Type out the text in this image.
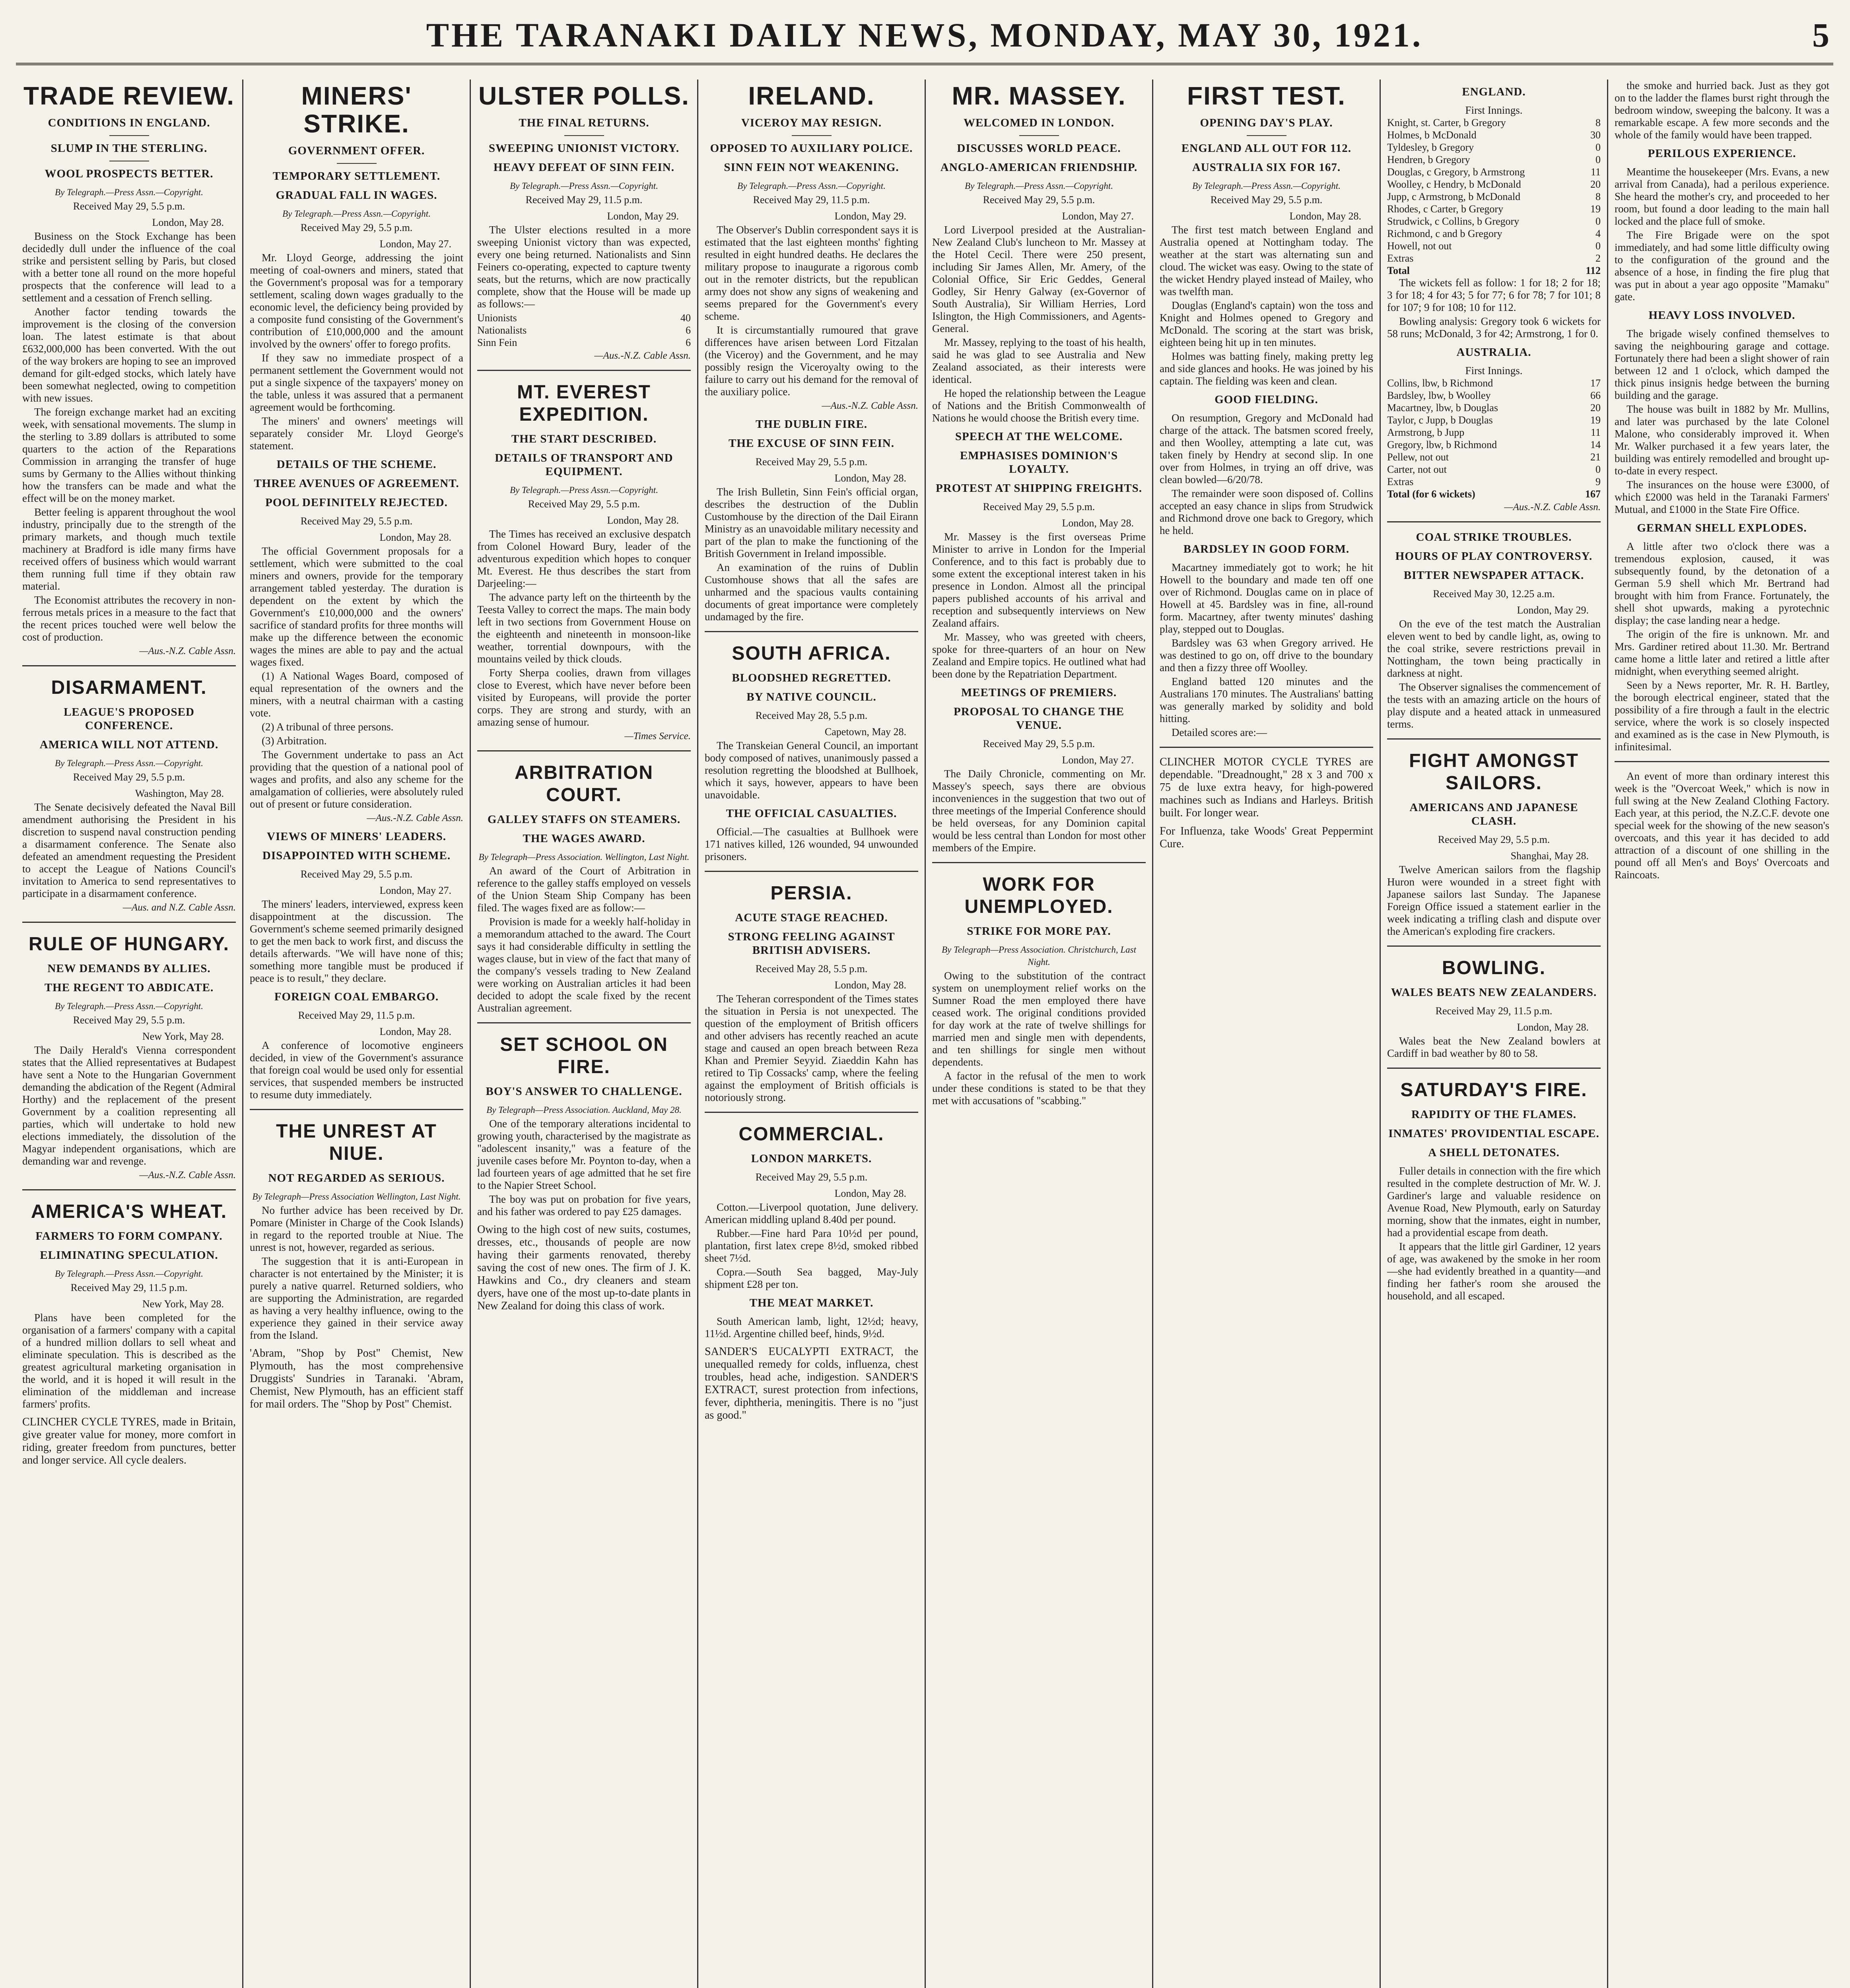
THE TARANAKI DAILY NEWS, MONDAY, MAY 30, 1921.	5
TRADE REVIEW.
CONDITIONS IN ENGLAND.
SLUMP IN THE STERLING.
WOOL PROSPECTS BETTER.
By Telegraph.—Press Assn.—Copyright.
Received May 29, 5.5 p.m.
London, May 28.

Business on the Stock Exchange has been decidedly dull under the influence of the coal strike and persistent selling by Paris, but closed with a better tone all round on the more hopeful prospects that the conference will lead to a settlement and a cessation of French selling.

Another factor tending towards the improvement is the closing of the conversion loan. The latest estimate is that about £632,000,000 has been converted. With the out of the way brokers are hoping to see an improved demand for gilt-edged stocks, which lately have been somewhat neglected, owing to competition with new issues.

The foreign exchange market had an exciting week, with sensational movements. The slump in the sterling to 3.89 dollars is attributed to some quarters to the action of the Reparations Commission in arranging the transfer of huge sums by Germany to the Allies without thinking how the transfers can be made and what the effect will be on the money market.

Better feeling is apparent throughout the wool industry, principally due to the strength of the primary markets, and though much textile machinery at Bradford is idle many firms have received offers of business which would warrant them running full time if they obtain raw material.

The Economist attributes the recovery in non-ferrous metals prices in a measure to the fact that the recent prices touched were well below the cost of production.

—Aus.-N.Z. Cable Assn.
DISARMAMENT.
LEAGUE'S PROPOSED CONFERENCE.
AMERICA WILL NOT ATTEND.
By Telegraph.—Press Assn.—Copyright.
Received May 29, 5.5 p.m.
Washington, May 28.

The Senate decisively defeated the Naval Bill amendment authorising the President in his discretion to suspend naval construction pending a disarmament conference. The Senate also defeated an amendment requesting the President to accept the League of Nations Council's invitation to America to send representatives to participate in a disarmament conference.

—Aus. and N.Z. Cable Assn.
RULE OF HUNGARY.
NEW DEMANDS BY ALLIES.
THE REGENT TO ABDICATE.
By Telegraph.—Press Assn.—Copyright.
Received May 29, 5.5 p.m.
New York, May 28.

The Daily Herald's Vienna correspondent states that the Allied representatives at Budapest have sent a Note to the Hungarian Government demanding the abdication of the Regent (Admiral Horthy) and the replacement of the present Government by a coalition representing all parties, which will undertake to hold new elections immediately, the dissolution of the Magyar independent organisations, which are demanding war and revenge.

—Aus.-N.Z. Cable Assn.
AMERICA'S WHEAT.
FARMERS TO FORM COMPANY.
ELIMINATING SPECULATION.
By Telegraph.—Press Assn.—Copyright.
Received May 29, 11.5 p.m.
New York, May 28.

Plans have been completed for the organisation of a farmers' company with a capital of a hundred million dollars to sell wheat and eliminate speculation. This is described as the greatest agricultural marketing organisation in the world, and it is hoped it will result in the elimination of the middleman and increase farmers' profits.

CLINCHER CYCLE TYRES, made in Britain, give greater value for money, more comfort in riding, greater freedom from punctures, better and longer service. All cycle dealers.

MINERS' STRIKE.
GOVERNMENT OFFER.
TEMPORARY SETTLEMENT.
GRADUAL FALL IN WAGES.
By Telegraph.—Press Assn.—Copyright.
Received May 29, 5.5 p.m.
London, May 27.

Mr. Lloyd George, addressing the joint meeting of coal-owners and miners, stated that the Government's proposal was for a temporary settlement, scaling down wages gradually to the economic level, the deficiency being provided by a composite fund consisting of the Government's contribution of £10,000,000 and the amount involved by the owners' offer to forego profits.

If they saw no immediate prospect of a permanent settlement the Government would not put a single sixpence of the taxpayers' money on the table, unless it was assured that a permanent agreement would be forthcoming.

The miners' and owners' meetings will separately consider Mr. Lloyd George's statement.

DETAILS OF THE SCHEME.
THREE AVENUES OF AGREEMENT.
POOL DEFINITELY REJECTED.
Received May 29, 5.5 p.m.
London, May 28.

The official Government proposals for a settlement, which were submitted to the coal miners and owners, provide for the temporary arrangement tabled yesterday. The duration is dependent on the extent by which the Government's £10,000,000 and the owners' sacrifice of standard profits for three months will make up the difference between the economic wages the mines are able to pay and the actual wages fixed.

(1) A National Wages Board, composed of equal representation of the owners and the miners, with a neutral chairman with a casting vote.

(2) A tribunal of three persons.

(3) Arbitration.

The Government undertake to pass an Act providing that the question of a national pool of wages and profits, and also any scheme for the amalgamation of collieries, were absolutely ruled out of present or future consideration.

—Aus.-N.Z. Cable Assn.
VIEWS OF MINERS' LEADERS.
DISAPPOINTED WITH SCHEME.
Received May 29, 5.5 p.m.
London, May 27.

The miners' leaders, interviewed, express keen disappointment at the discussion. The Government's scheme seemed primarily designed to get the men back to work first, and discuss the details afterwards. "We will have none of this; something more tangible must be produced if peace is to result," they declare.

FOREIGN COAL EMBARGO.
Received May 29, 11.5 p.m.
London, May 28.

A conference of locomotive engineers decided, in view of the Government's assurance that foreign coal would be used only for essential services, that suspended members be instructed to resume duty immediately.

THE UNREST AT NIUE.
NOT REGARDED AS SERIOUS.
By Telegraph—Press Association Wellington, Last Night.

No further advice has been received by Dr. Pomare (Minister in Charge of the Cook Islands) in regard to the reported trouble at Niue. The unrest is not, however, regarded as serious.

The suggestion that it is anti-European in character is not entertained by the Minister; it is purely a native quarrel. Returned soldiers, who are supporting the Administration, are regarded as having a very healthy influence, owing to the experience they gained in their service away from the Island.

'Abram, "Shop by Post" Chemist, New Plymouth, has the most comprehensive Druggists' Sundries in Taranaki. 'Abram, Chemist, New Plymouth, has an efficient staff for mail orders. The "Shop by Post" Chemist.

ULSTER POLLS.
THE FINAL RETURNS.
SWEEPING UNIONIST VICTORY.
HEAVY DEFEAT OF SINN FEIN.
By Telegraph.—Press Assn.—Copyright.
Received May 29, 11.5 p.m.
London, May 29.

The Ulster elections resulted in a more sweeping Unionist victory than was expected, every one being returned. Nationalists and Sinn Feiners co-operating, expected to capture twenty seats, but the returns, which are now practically complete, show that the House will be made up as follows:—

Unionists	40
Nationalists	6
Sinn Fein	6
—Aus.-N.Z. Cable Assn.
MT. EVEREST EXPEDITION.
THE START DESCRIBED.
DETAILS OF TRANSPORT AND EQUIPMENT.
By Telegraph.—Press Assn.—Copyright.
Received May 29, 5.5 p.m.
London, May 28.

The Times has received an exclusive despatch from Colonel Howard Bury, leader of the adventurous expedition which hopes to conquer Mt. Everest. He thus describes the start from Darjeeling:—

The advance party left on the thirteenth by the Teesta Valley to correct the maps. The main body left in two sections from Government House on the eighteenth and nineteenth in monsoon-like weather, torrential downpours, with the mountains veiled by thick clouds.

Forty Sherpa coolies, drawn from villages close to Everest, which have never before been visited by Europeans, will provide the porter corps. They are strong and sturdy, with an amazing sense of humour.

—Times Service.
ARBITRATION COURT.
GALLEY STAFFS ON STEAMERS.
THE WAGES AWARD.
By Telegraph—Press Association. Wellington, Last Night.

An award of the Court of Arbitration in reference to the galley staffs employed on vessels of the Union Steam Ship Company has been filed. The wages fixed are as follow:—

Provision is made for a weekly half-holiday in a memorandum attached to the award. The Court says it had considerable difficulty in settling the wages clause, but in view of the fact that many of the company's vessels trading to New Zealand were working on Australian articles it had been decided to adopt the scale fixed by the recent Australian agreement.

SET SCHOOL ON FIRE.
BOY'S ANSWER TO CHALLENGE.
By Telegraph—Press Association. Auckland, May 28.

One of the temporary alterations incidental to growing youth, characterised by the magistrate as "adolescent insanity," was a feature of the juvenile cases before Mr. Poynton to-day, when a lad fourteen years of age admitted that he set fire to the Napier Street School.

The boy was put on probation for five years, and his father was ordered to pay £25 damages.

Owing to the high cost of new suits, costumes, dresses, etc., thousands of people are now having their garments renovated, thereby saving the cost of new ones. The firm of J. K. Hawkins and Co., dry cleaners and steam dyers, have one of the most up-to-date plants in New Zealand for doing this class of work.

IRELAND.
VICEROY MAY RESIGN.
OPPOSED TO AUXILIARY POLICE.
SINN FEIN NOT WEAKENING.
By Telegraph.—Press Assn.—Copyright.
Received May 29, 11.5 p.m.
London, May 29.

The Observer's Dublin correspondent says it is estimated that the last eighteen months' fighting resulted in eight hundred deaths. He declares the military propose to inaugurate a rigorous comb out in the remoter districts, but the republican army does not show any signs of weakening and seems prepared for the Government's every scheme.

It is circumstantially rumoured that grave differences have arisen between Lord Fitzalan (the Viceroy) and the Government, and he may possibly resign the Viceroyalty owing to the failure to carry out his demand for the removal of the auxiliary police.

—Aus.-N.Z. Cable Assn.
THE DUBLIN FIRE.
THE EXCUSE OF SINN FEIN.
Received May 29, 5.5 p.m.
London, May 28.

The Irish Bulletin, Sinn Fein's official organ, describes the destruction of the Dublin Customhouse by the direction of the Dail Eirann Ministry as an unavoidable military necessity and part of the plan to make the functioning of the British Government in Ireland impossible.

An examination of the ruins of Dublin Customhouse shows that all the safes are unharmed and the spacious vaults containing documents of great importance were completely undamaged by the fire.

SOUTH AFRICA.
BLOODSHED REGRETTED.
BY NATIVE COUNCIL.
Received May 28, 5.5 p.m.
Capetown, May 28.

The Transkeian General Council, an important body composed of natives, unanimously passed a resolution regretting the bloodshed at Bullhoek, which it says, however, appears to have been unavoidable.

THE OFFICIAL CASUALTIES.

Official.—The casualties at Bullhoek were 171 natives killed, 126 wounded, 94 unwounded prisoners.

PERSIA.
ACUTE STAGE REACHED.
STRONG FEELING AGAINST BRITISH ADVISERS.
Received May 28, 5.5 p.m.
London, May 28.

The Teheran correspondent of the Times states the situation in Persia is not unexpected. The question of the employment of British officers and other advisers has recently reached an acute stage and caused an open breach between Reza Khan and Premier Seyyid. Ziaeddin Kahn has retired to Tip Cossacks' camp, where the feeling against the employment of British officials is notoriously strong.

COMMERCIAL.
LONDON MARKETS.
Received May 29, 5.5 p.m.
London, May 28.

Cotton.—Liverpool quotation, June delivery. American middling upland 8.40d per pound.

Rubber.—Fine hard Para 10½d per pound, plantation, first latex crepe 8½d, smoked ribbed sheet 7½d.

Copra.—South Sea bagged, May-July shipment £28 per ton.

THE MEAT MARKET.

South American lamb, light, 12½d; heavy, 11½d. Argentine chilled beef, hinds, 9½d.

SANDER'S EUCALYPTI EXTRACT, the unequalled remedy for colds, influenza, chest troubles, head ache, indigestion. SANDER'S EXTRACT, surest protection from infections, fever, diphtheria, meningitis. There is no "just as good."

MR. MASSEY.
WELCOMED IN LONDON.
DISCUSSES WORLD PEACE.
ANGLO-AMERICAN FRIENDSHIP.
By Telegraph.—Press Assn.—Copyright.
Received May 29, 5.5 p.m.
London, May 27.

Lord Liverpool presided at the Australian-New Zealand Club's luncheon to Mr. Massey at the Hotel Cecil. There were 250 present, including Sir James Allen, Mr. Amery, of the Colonial Office, Sir Eric Geddes, General Godley, Sir Henry Galway (ex-Governor of South Australia), Sir William Herries, Lord Islington, the High Commissioners, and Agents-General.

Mr. Massey, replying to the toast of his health, said he was glad to see Australia and New Zealand associated, as their interests were identical.

He hoped the relationship between the League of Nations and the British Commonwealth of Nations he would choose the British every time.

SPEECH AT THE WELCOME.
EMPHASISES DOMINION'S LOYALTY.
PROTEST AT SHIPPING FREIGHTS.
Received May 29, 5.5 p.m.
London, May 28.

Mr. Massey is the first overseas Prime Minister to arrive in London for the Imperial Conference, and to this fact is probably due to some extent the exceptional interest taken in his presence in London. Almost all the principal papers published accounts of his arrival and reception and subsequently interviews on New Zealand affairs.

Mr. Massey, who was greeted with cheers, spoke for three-quarters of an hour on New Zealand and Empire topics. He outlined what had been done by the Repatriation Department.

MEETINGS OF PREMIERS.
PROPOSAL TO CHANGE THE VENUE.
Received May 29, 5.5 p.m.
London, May 27.

The Daily Chronicle, commenting on Mr. Massey's speech, says there are obvious inconveniences in the suggestion that two out of three meetings of the Imperial Conference should be held overseas, for any Dominion capital would be less central than London for most other members of the Empire.

WORK FOR UNEMPLOYED.
STRIKE FOR MORE PAY.
By Telegraph—Press Association. Christchurch, Last Night.

Owing to the substitution of the contract system on unemployment relief works on the Sumner Road the men employed there have ceased work. The original conditions provided for day work at the rate of twelve shillings for married men and single men with dependents, and ten shillings for single men without dependents.

A factor in the refusal of the men to work under these conditions is stated to be that they met with accusations of "scabbing."

FIRST TEST.
OPENING DAY'S PLAY.
ENGLAND ALL OUT FOR 112.
AUSTRALIA SIX FOR 167.
By Telegraph.—Press Assn.—Copyright.
Received May 29, 5.5 p.m.
London, May 28.

The first test match between England and Australia opened at Nottingham today. The weather at the start was alternating sun and cloud. The wicket was easy. Owing to the state of the wicket Hendry played instead of Mailey, who was twelfth man.

Douglas (England's captain) won the toss and Knight and Holmes opened to Gregory and McDonald. The scoring at the start was brisk, eighteen being hit up in ten minutes.

Holmes was batting finely, making pretty leg and side glances and hooks. He was joined by his captain. The fielding was keen and clean.

GOOD FIELDING.

On resumption, Gregory and McDonald had charge of the attack. The batsmen scored freely, and then Woolley, attempting a late cut, was taken finely by Hendry at second slip. In one over from Holmes, in trying an off drive, was clean bowled—6/20/78.

The remainder were soon disposed of. Collins accepted an easy chance in slips from Strudwick and Richmond drove one back to Gregory, which he held.

BARDSLEY IN GOOD FORM.

Macartney immediately got to work; he hit Howell to the boundary and made ten off one over of Richmond. Douglas came on in place of Howell at 45. Bardsley was in fine, all-round form. Macartney, after twenty minutes' dashing play, stepped out to Douglas.

Bardsley was 63 when Gregory arrived. He was destined to go on, off drive to the boundary and then a fizzy three off Woolley.

England batted 120 minutes and the Australians 170 minutes. The Australians' batting was generally marked by solidity and bold hitting.

Detailed scores are:—

CLINCHER MOTOR CYCLE TYRES are dependable. "Dreadnought," 28 x 3 and 700 x 75 de luxe extra heavy, for high-powered machines such as Indians and Harleys. British built. For longer wear.

For Influenza, take Woods' Great Peppermint Cure.

ENGLAND.
First Innings.
Knight, st. Carter, b Gregory	8
Holmes, b McDonald	30
Tyldesley, b Gregory	0
Hendren, b Gregory	0
Douglas, c Gregory, b Armstrong	11
Woolley, c Hendry, b McDonald	20
Jupp, c Armstrong, b McDonald	8
Rhodes, c Carter, b Gregory	19
Strudwick, c Collins, b Gregory	0
Richmond, c and b Gregory	4
Howell, not out	0
Extras	2
Total	112

The wickets fell as follow: 1 for 18; 2 for 18; 3 for 18; 4 for 43; 5 for 77; 6 for 78; 7 for 101; 8 for 107; 9 for 108; 10 for 112.

Bowling analysis: Gregory took 6 wickets for 58 runs; McDonald, 3 for 42; Armstrong, 1 for 0.

AUSTRALIA.
First Innings.
Collins, lbw, b Richmond	17
Bardsley, lbw, b Woolley	66
Macartney, lbw, b Douglas	20
Taylor, c Jupp, b Douglas	19
Armstrong, b Jupp	11
Gregory, lbw, b Richmond	14
Pellew, not out	21
Carter, not out	0
Extras	9
Total (for 6 wickets)	167
—Aus.-N.Z. Cable Assn.
COAL STRIKE TROUBLES.
HOURS OF PLAY CONTROVERSY.
BITTER NEWSPAPER ATTACK.
Received May 30, 12.25 a.m.
London, May 29.

On the eve of the test match the Australian eleven went to bed by candle light, as, owing to the coal strike, severe restrictions prevail in Nottingham, the town being practically in darkness at night.

The Observer signalises the commencement of the tests with an amazing article on the hours of play dispute and a heated attack in unmeasured terms.

FIGHT AMONGST SAILORS.
AMERICANS AND JAPANESE CLASH.
Received May 29, 5.5 p.m.
Shanghai, May 28.

Twelve American sailors from the flagship Huron were wounded in a street fight with Japanese sailors last Sunday. The Japanese Foreign Office issued a statement earlier in the week indicating a trifling clash and dispute over the American's exploding fire crackers.

BOWLING.
WALES BEATS NEW ZEALANDERS.
Received May 29, 11.5 p.m.
London, May 28.

Wales beat the New Zealand bowlers at Cardiff in bad weather by 80 to 58.

SATURDAY'S FIRE.
RAPIDITY OF THE FLAMES.
INMATES' PROVIDENTIAL ESCAPE.
A SHELL DETONATES.

Fuller details in connection with the fire which resulted in the complete destruction of Mr. W. J. Gardiner's large and valuable residence on Avenue Road, New Plymouth, early on Saturday morning, show that the inmates, eight in number, had a providential escape from death.

It appears that the little girl Gardiner, 12 years of age, was awakened by the smoke in her room—she had evidently breathed in a quantity—and finding her father's room she aroused the household, and all escaped.

the smoke and hurried back. Just as they got on to the ladder the flames burst right through the bedroom window, sweeping the balcony. It was a remarkable escape. A few more seconds and the whole of the family would have been trapped.

PERILOUS EXPERIENCE.

Meantime the housekeeper (Mrs. Evans, a new arrival from Canada), had a perilous experience. She heard the mother's cry, and proceeded to her room, but found a door leading to the main hall locked and the place full of smoke.

The Fire Brigade were on the spot immediately, and had some little difficulty owing to the configuration of the ground and the absence of a hose, in finding the fire plug that was put in about a year ago opposite "Mamaku" gate.

HEAVY LOSS INVOLVED.

The brigade wisely confined themselves to saving the neighbouring garage and cottage. Fortunately there had been a slight shower of rain between 12 and 1 o'clock, which damped the thick pinus insignis hedge between the burning building and the garage.

The house was built in 1882 by Mr. Mullins, and later was purchased by the late Colonel Malone, who considerably improved it. When Mr. Walker purchased it a few years later, the building was entirely remodelled and brought up-to-date in every respect.

The insurances on the house were £3000, of which £2000 was held in the Taranaki Farmers' Mutual, and £1000 in the State Fire Office.

GERMAN SHELL EXPLODES.

A little after two o'clock there was a tremendous explosion, caused, it was subsequently found, by the detonation of a German 5.9 shell which Mr. Bertrand had brought with him from France. Fortunately, the shell shot upwards, making a pyrotechnic display; the case landing near a hedge.

The origin of the fire is unknown. Mr. and Mrs. Gardiner retired about 11.30. Mr. Bertrand came home a little later and retired a little after midnight, when everything seemed alright.

Seen by a News reporter, Mr. R. H. Bartley, the borough electrical engineer, stated that the possibility of a fire through a fault in the electric service, where the work is so closely inspected and examined as is the case in New Plymouth, is infinitesimal.

An event of more than ordinary interest this week is the "Overcoat Week," which is now in full swing at the New Zealand Clothing Factory. Each year, at this period, the N.Z.C.F. devote one special week for the showing of the new season's overcoats, and this year it has decided to add attraction of a discount of one shilling in the pound off all Men's and Boys' Overcoats and Raincoats.
